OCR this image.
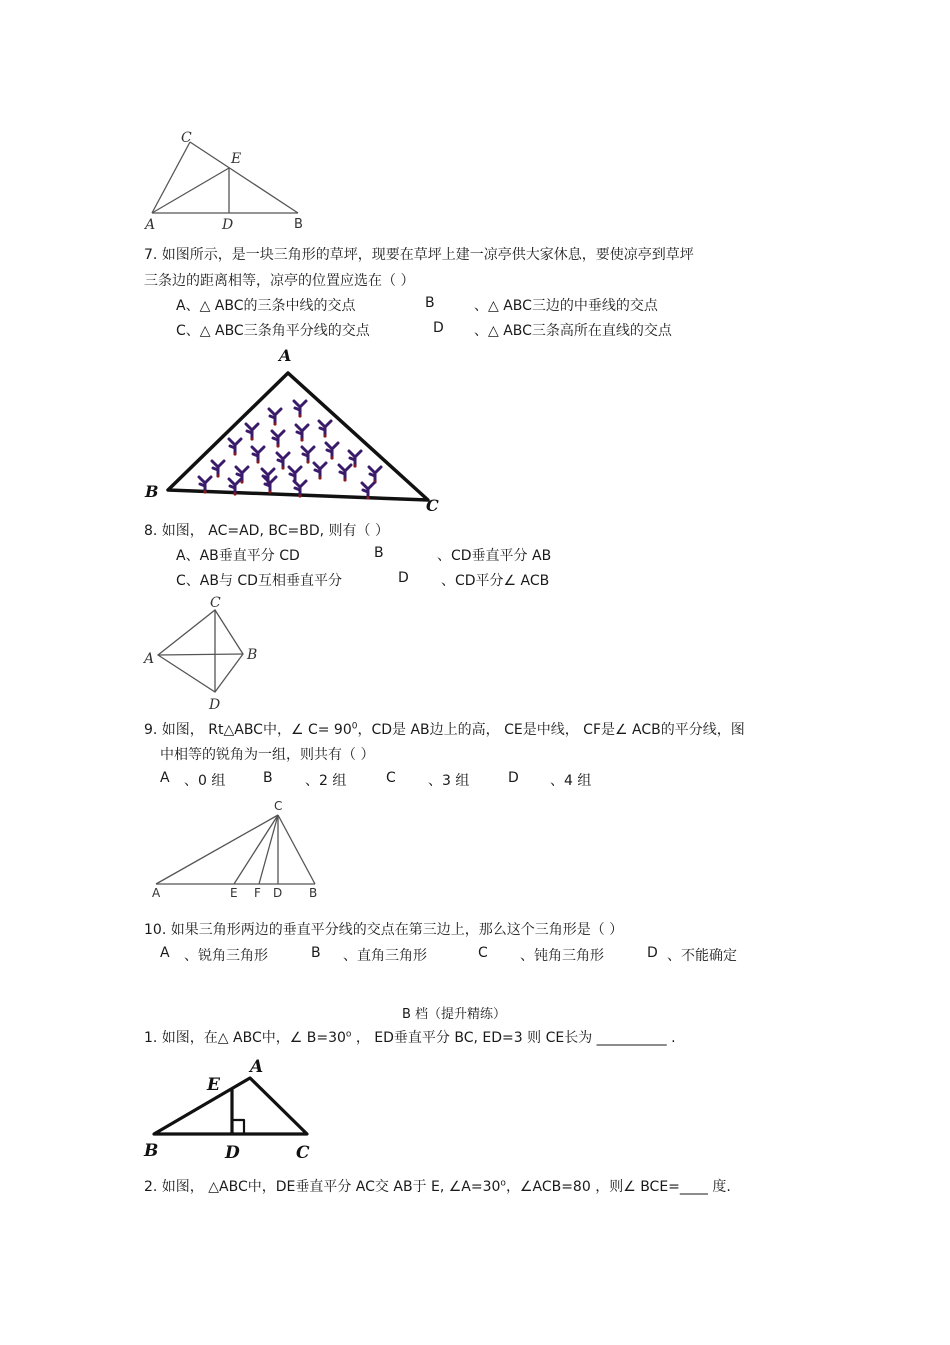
C
E
A	D	B
7. 如图所示，是一块三角形的草坪，现要在草坪上建一凉亭供大家休息，要使凉亭到草坪
三条边的距离相等，凉亭的位置应选在（ ）
A、△ ABC的三条中线的交点	B	、△ ABC三边的中垂线的交点
C、△ ABC三条角平分线的交点	D 、△ ABC三条高所在直线的交点
A
B
C
8. 如图， AC=AD, BC=BD, 则有（ ）
A、AB垂直平分 CD	B	、CD垂直平分 AB
C、AB与 CD互相垂直平分	D 、CD平分∠ ACB
C
A	B
D
9. 如图， Rt△ABC中，∠ $C= 90^0$，CD是 AB边上的高， CE是中线， CF是∠ ACB的平分线，图
中相等的锐角为一组，则共有（ ）
A 、0 组	B 、2 组	C 、3 组	D 、4 组
C
A	E F D B
10. 如果三角形两边的垂直平分线的交点在第三边上，那么这个三角形是（ ）
A 、锐角三角形	B 、直角三角形	C 、钝角三角形	D 、不能确定
B 档（提升精练）
1. 如图，在△ ABC中，∠ $B=30^o$ ， ED垂直平分 BC, ED=3 则 CE长为 __________ .
A
E
B	D	C
2. 如图， △ABC中，DE垂直平分 AC交 AB于 E, $\angle A=30^o$，∠ACB=80 ，则∠ BCE=____ 度.
